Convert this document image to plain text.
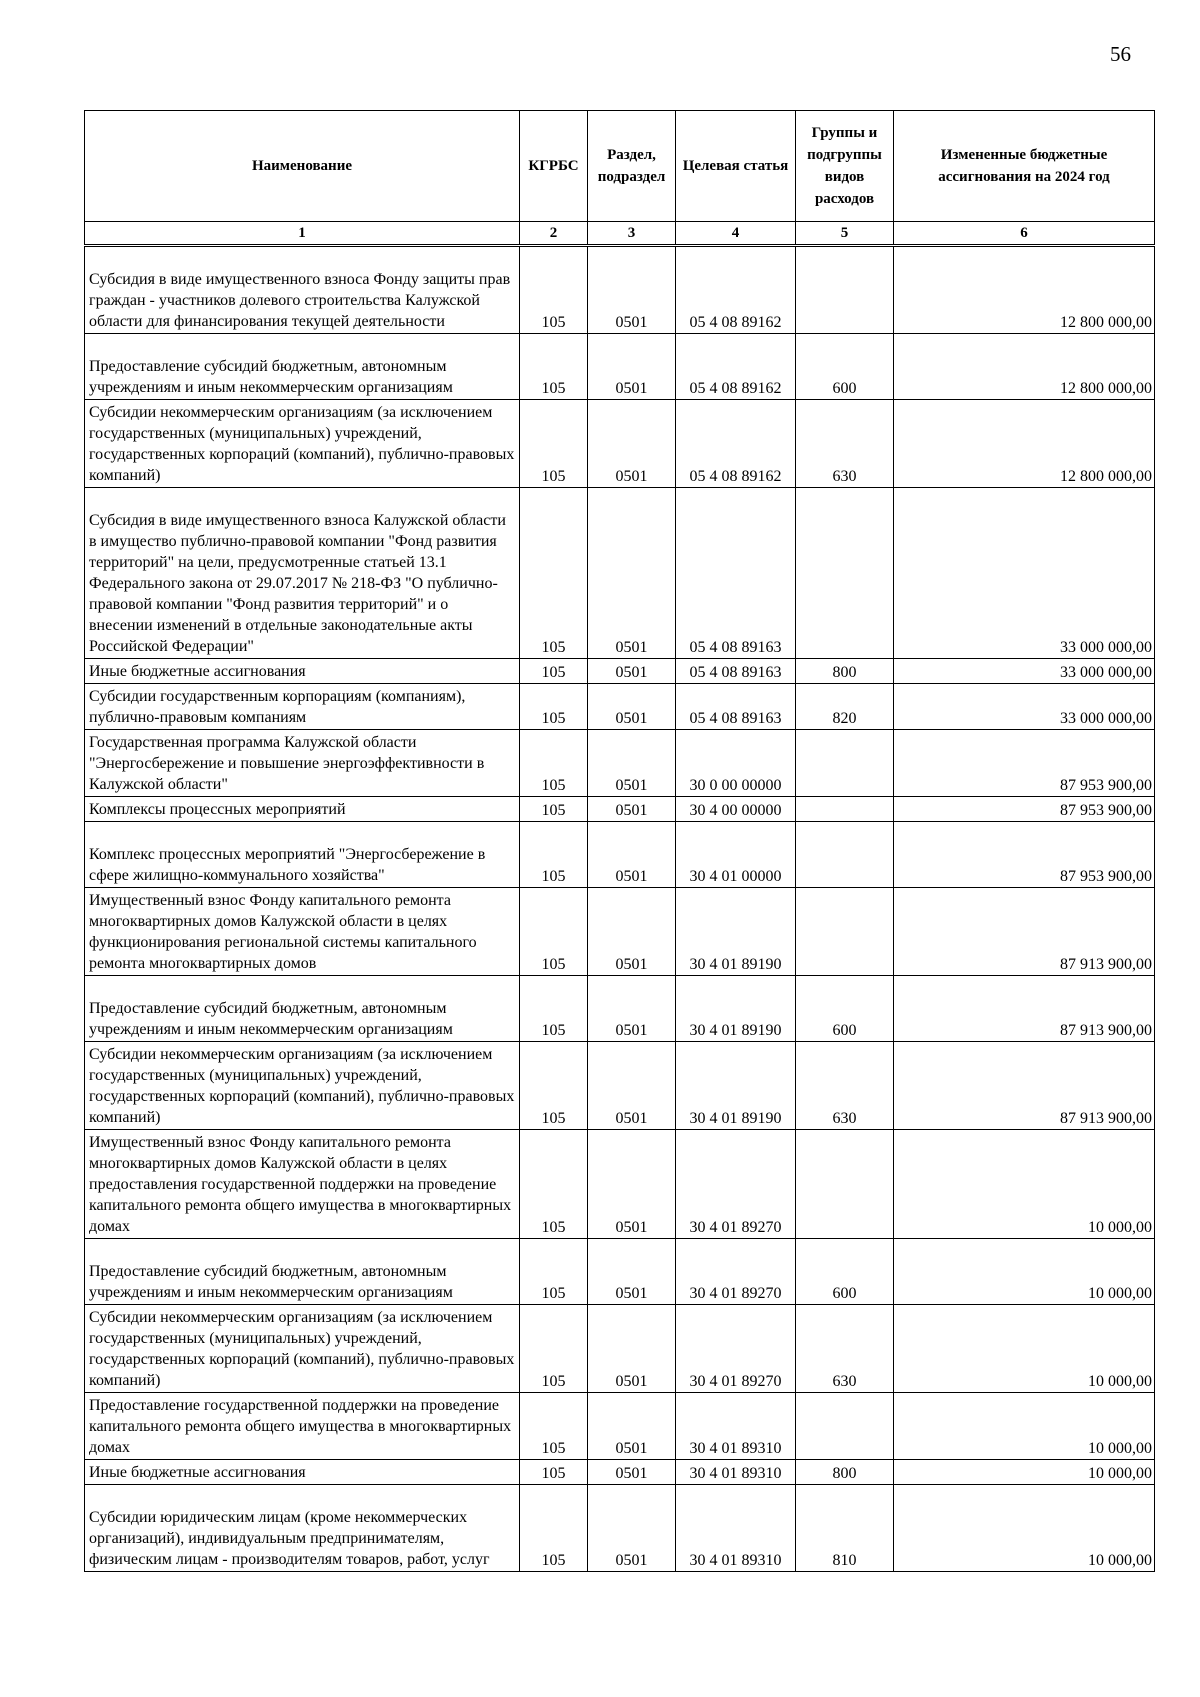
56
Наименование	КГРБС	Раздел, подраздел	Целевая статья	Группы и подгруппы видов расходов	Измененные бюджетные ассигнования на 2024 год
1	2	3	4	5	6
Субсидия в виде имущественного взноса Фонду защиты прав граждан - участников долевого строительства Калужской области для финансирования текущей деятельности	105	0501	05 4 08 89162		12 800 000,00
Предоставление субсидий бюджетным, автономным учреждениям и иным некоммерческим организациям	105	0501	05 4 08 89162	600	12 800 000,00
Субсидии некоммерческим организациям (за исключением государственных (муниципальных) учреждений, государственных корпораций (компаний), публично-правовых компаний)	105	0501	05 4 08 89162	630	12 800 000,00
Субсидия в виде имущественного взноса Калужской области в имущество публично-правовой компании "Фонд развития территорий" на цели, предусмотренные статьей 13.1 Федерального закона от 29.07.2017 № 218-ФЗ "О публично-правовой компании "Фонд развития территорий" и о внесении изменений в отдельные законодательные акты Российской Федерации"	105	0501	05 4 08 89163		33 000 000,00
Иные бюджетные ассигнования	105	0501	05 4 08 89163	800	33 000 000,00
Субсидии государственным корпорациям (компаниям), публично-правовым компаниям	105	0501	05 4 08 89163	820	33 000 000,00
Государственная программа Калужской области "Энергосбережение и повышение энергоэффективности в Калужской области"	105	0501	30 0 00 00000		87 953 900,00
Комплексы процессных мероприятий	105	0501	30 4 00 00000		87 953 900,00
Комплекс процессных мероприятий "Энергосбережение в сфере жилищно-коммунального хозяйства"	105	0501	30 4 01 00000		87 953 900,00
Имущественный взнос Фонду капитального ремонта многоквартирных домов Калужской области в целях функционирования региональной системы капитального ремонта многоквартирных домов	105	0501	30 4 01 89190		87 913 900,00
Предоставление субсидий бюджетным, автономным учреждениям и иным некоммерческим организациям	105	0501	30 4 01 89190	600	87 913 900,00
Субсидии некоммерческим организациям (за исключением государственных (муниципальных) учреждений, государственных корпораций (компаний), публично-правовых компаний)	105	0501	30 4 01 89190	630	87 913 900,00
Имущественный взнос Фонду капитального ремонта многоквартирных домов Калужской области в целях предоставления государственной поддержки на проведение капитального ремонта общего имущества в многоквартирных домах	105	0501	30 4 01 89270		10 000,00
Предоставление субсидий бюджетным, автономным учреждениям и иным некоммерческим организациям	105	0501	30 4 01 89270	600	10 000,00
Субсидии некоммерческим организациям (за исключением государственных (муниципальных) учреждений, государственных корпораций (компаний), публично-правовых компаний)	105	0501	30 4 01 89270	630	10 000,00
Предоставление государственной поддержки на проведение капитального ремонта общего имущества в многоквартирных домах	105	0501	30 4 01 89310		10 000,00
Иные бюджетные ассигнования	105	0501	30 4 01 89310	800	10 000,00
Субсидии юридическим лицам (кроме некоммерческих организаций), индивидуальным предпринимателям, физическим лицам - производителям товаров, работ, услуг	105	0501	30 4 01 89310	810	10 000,00
